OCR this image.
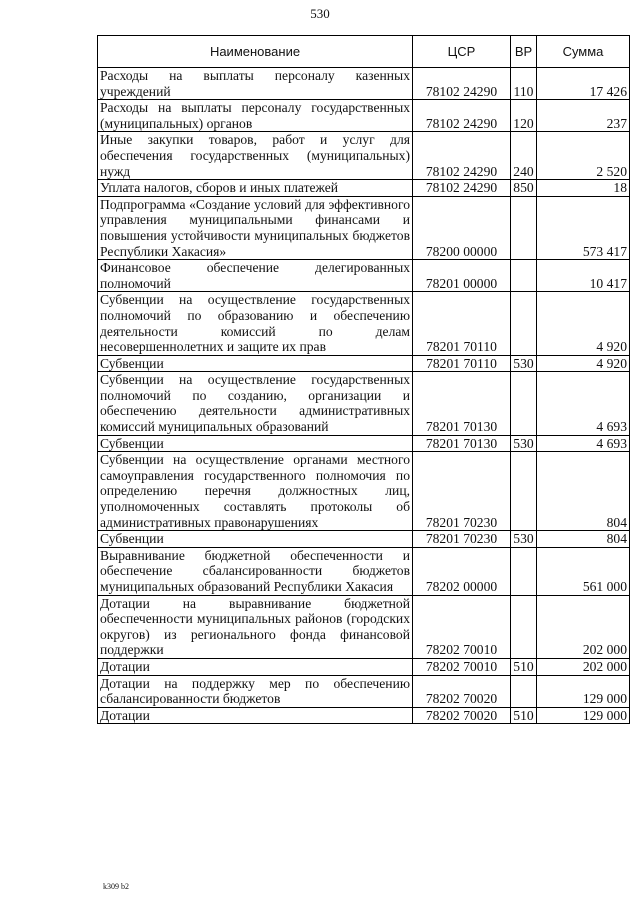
530
Наименование	ЦСР	ВР	Сумма
Расходы на выплаты персоналу казенных учреждений	78102 24290	110	17 426
Расходы на выплаты персоналу государственных (муниципальных) органов	78102 24290	120	237
Иные закупки товаров, работ и услуг для обеспечения государственных (муниципальных) нужд	78102 24290	240	2 520
Уплата налогов, сборов и иных платежей	78102 24290	850	18
Подпрограмма «Создание условий для эффективного управления муниципальными финансами и повышения устойчивости муниципальных бюджетов Республики Хакасия»	78200 00000		573 417
Финансовое обеспечение делегированных полномочий	78201 00000		10 417
Субвенции на осуществление государственных полномочий по образованию и обеспечению деятельности комиссий по делам несовершеннолетних и защите их прав	78201 70110		4 920
Субвенции	78201 70110	530	4 920
Субвенции на осуществление государственных полномочий по созданию, организации и обеспечению деятельности административных комиссий муниципальных образований	78201 70130		4 693
Субвенции	78201 70130	530	4 693
Субвенции на осуществление органами местного самоуправления государственного полномочия по определению перечня должностных лиц, уполномоченных составлять протоколы об административных правонарушениях	78201 70230		804
Субвенции	78201 70230	530	804
Выравнивание бюджетной обеспеченности и обеспечение сбалансированности бюджетов муниципальных образований Республики Хакасия	78202 00000		561 000
Дотации на выравнивание бюджетной обеспеченности муниципальных районов (городских округов) из регионального фонда финансовой поддержки	78202 70010		202 000
Дотации	78202 70010	510	202 000
Дотации на поддержку мер по обеспечению сбалансированности бюджетов	78202 70020		129 000
Дотации	78202 70020	510	129 000
k309 b2
